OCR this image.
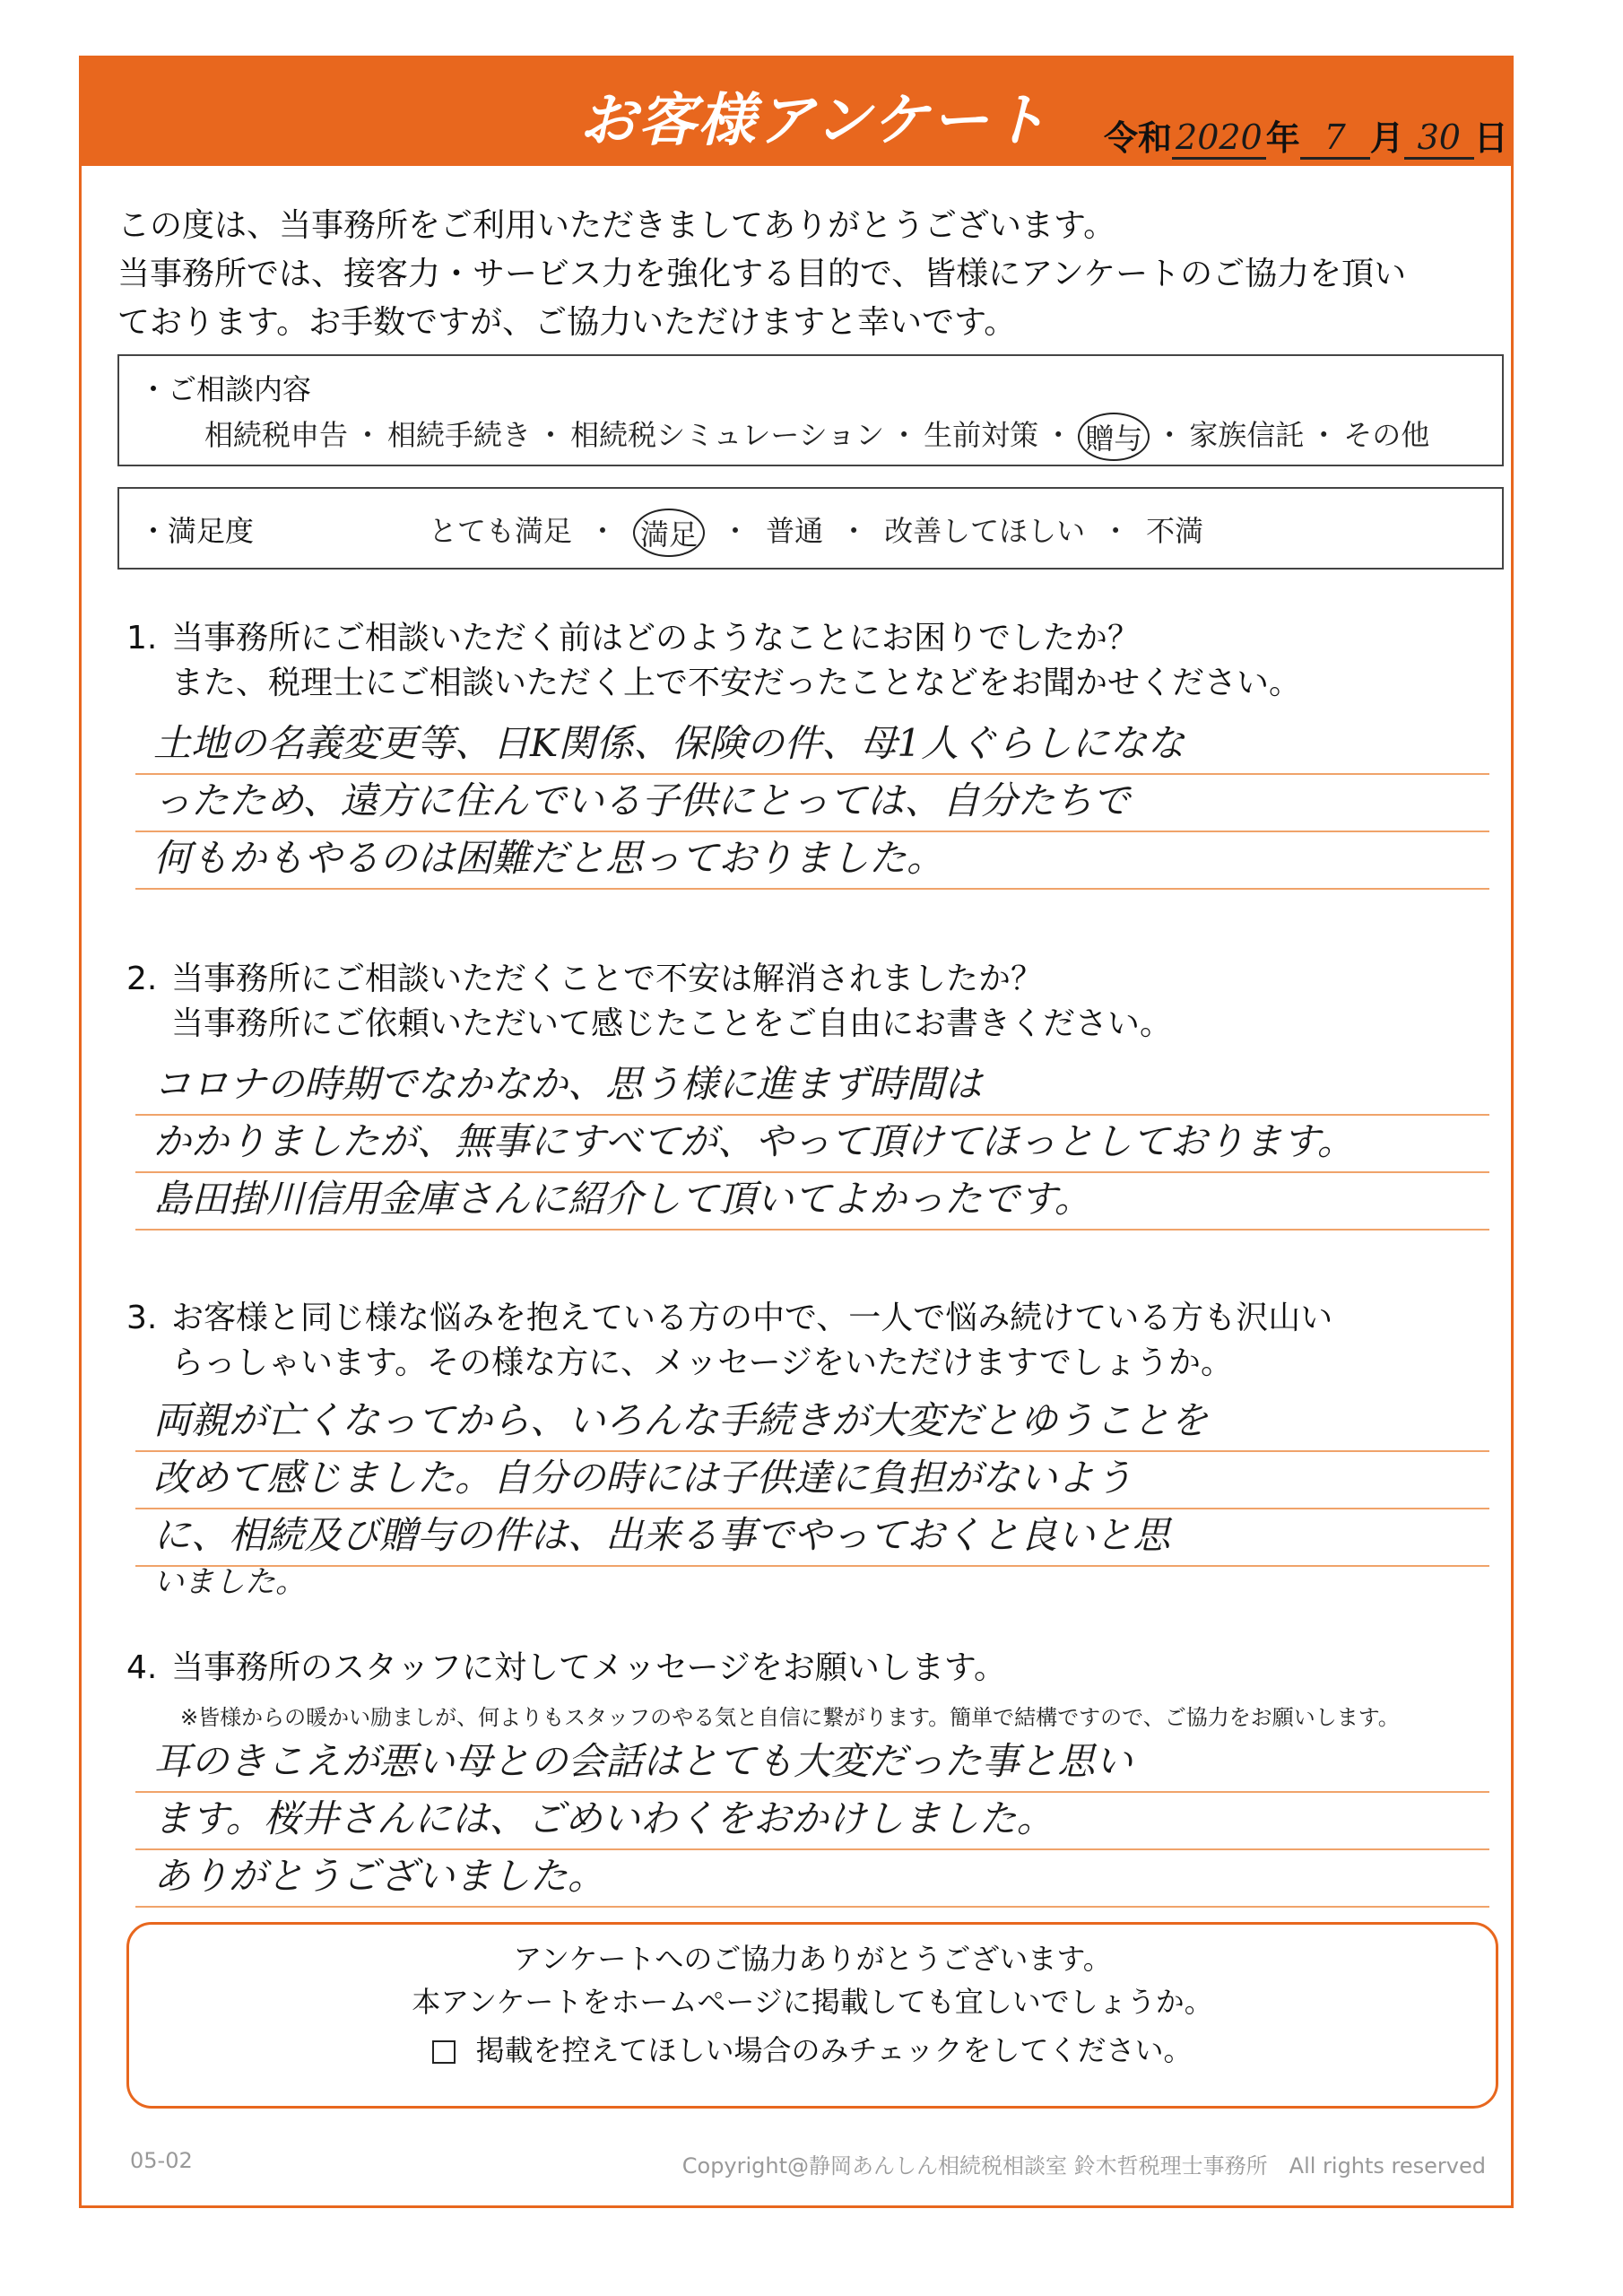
お客様アンケート 令和 2020 年 7 月 30 日

この度は、当事務所をご利用いただきましてありがとうございます。

当事務所では、接客力・サービス力を強化する目的で、皆様にアンケートのご協力を頂い

ております。お手数ですが、ご協力いただけますと幸いです。

・ご相談内容
相続税申告 ・ 相続手続き ・ 相続税シミュレーション ・ 生前対策 ・ 贈与 ・ 家族信託 ・ その他
・満足度	とても満足 ・ 満足 ・ 普通 ・ 改善してほしい ・ 不満
1. 当事務所にご相談いただく前はどのようなことにお困りでしたか？
また、税理士にご相談いただく上で不安だったことなどをお聞かせください。
土地の名義変更等、日K関係、保険の件、母1人ぐらしになな
ったため、遠方に住んでいる子供にとっては、自分たちで
何もかもやるのは困難だと思っておりました。
2. 当事務所にご相談いただくことで不安は解消されましたか？
当事務所にご依頼いただいて感じたことをご自由にお書きください。
コロナの時期でなかなか、思う様に進まず時間は
かかりましたが、無事にすべてが、やって頂けてほっとしております。
島田掛川信用金庫さんに紹介して頂いてよかったです。
3. お客様と同じ様な悩みを抱えている方の中で、一人で悩み続けている方も沢山い
らっしゃいます。その様な方に、メッセージをいただけますでしょうか。
両親が亡くなってから、いろんな手続きが大変だとゆうことを
改めて感じました。自分の時には子供達に負担がないよう
に、相続及び贈与の件は、出来る事でやっておくと良いと思
いました。
4. 当事務所のスタッフに対してメッセージをお願いします。
※皆様からの暖かい励ましが、何よりもスタッフのやる気と自信に繋がります。簡単で結構ですので、ご協力をお願いします。
耳のきこえが悪い母との会話はとても大変だった事と思い
ます。桜井さんには、ごめいわくをおかけしました。
ありがとうございました。
アンケートへのご協力ありがとうございます。
本アンケートをホームページに掲載しても宜しいでしょうか。
掲載を控えてほしい場合のみチェックをしてください。
05-02	Copyright@静岡あんしん相続税相談室 鈴木哲税理士事務所　All rights reserved
